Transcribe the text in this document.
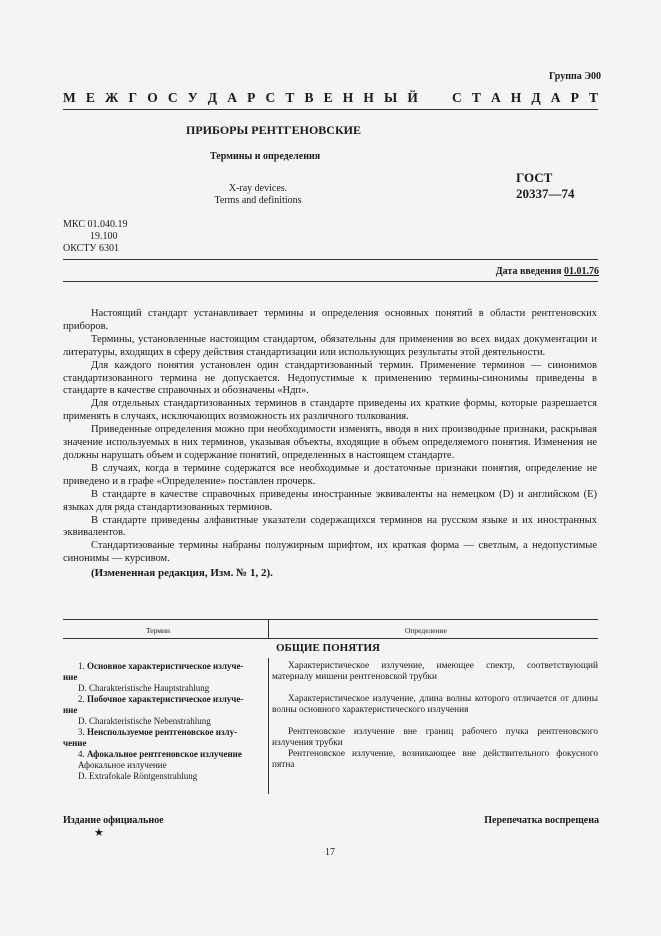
Группа Э00
М Е Ж Г О С У Д А Р С Т В Е Н Н Ы Й	С Т А Н Д А Р Т
ПРИБОРЫ РЕНТГЕНОВСКИЕ
Термины и определения
ГОСТ
20337—74
X-ray devices.
Terms and definitions
МКС 01.040.19
19.100
ОКСТУ 6301
Дата введения 01.01.76

Настоящий стандарт устанавливает термины и определения основных понятий в области рентгеновских приборов.

Термины, установленные настоящим стандартом, обязательны для применения во всех видах документации и литературы, входящих в сферу действия стандартизации или использующих результаты этой деятельности.

Для каждого понятия установлен один стандартизованный термин. Применение терминов — синонимов стандартизованного термина не допускается. Недопустимые к применению термины-синонимы приведены в стандарте в качестве справочных и обозначены «Ндп».

Для отдельных стандартизованных терминов в стандарте приведены их краткие формы, которые разрешается применять в случаях, исключающих возможность их различного толкования.

Приведенные определения можно при необходимости изменять, вводя в них производные признаки, раскрывая значение используемых в них терминов, указывая объекты, входящие в объем определяемого понятия. Изменения не должны нарушать объем и содержание понятий, определенных в настоящем стандарте.

В случаях, когда в термине содержатся все необходимые и достаточные признаки понятия, определение не приведено и в графе «Определение» поставлен прочерк.

В стандарте в качестве справочных приведены иностранные эквиваленты на немецком (D) и английском (E) языках для ряда стандартизованных терминов.

В стандарте приведены алфавитные указатели содержащихся терминов на русском языке и их иностранных эквивалентов.

Стандартизованые термины набраны полужирным шрифтом, их краткая форма — светлым, а недопустимые синонимы — курсивом.

(Измененная редакция, Изм. № 1, 2).

Термин	Определение
ОБЩИЕ ПОНЯТИЯ
1. Основное характеристическое излуче-
ние
D. Charakteristische Hauptstrahlung
2. Побочное характеристическое излуче-
ние
D. Charakteristische Nebenstrahlung
3. Неиспользуемое рентгеновское излу-
чение
4. Афокальное рентгеновское излучение
Афокальное излучение
D. Extrafokale Röntgenstrahlung

Характеристическое излучение, имеющее спектр, соответствующий материалу мишени рентгеновской трубки

Характеристическое излучение, длина волны которого отличается от длины волны основного характеристического излучения

Рентгеновское излучение вне границ рабочего пучка рентгеновского излучения трубки

Рентгеновское излучение, возникающее вне действительного фокусного пятна

Издание официальное
★
Перепечатка воспрещена
17
